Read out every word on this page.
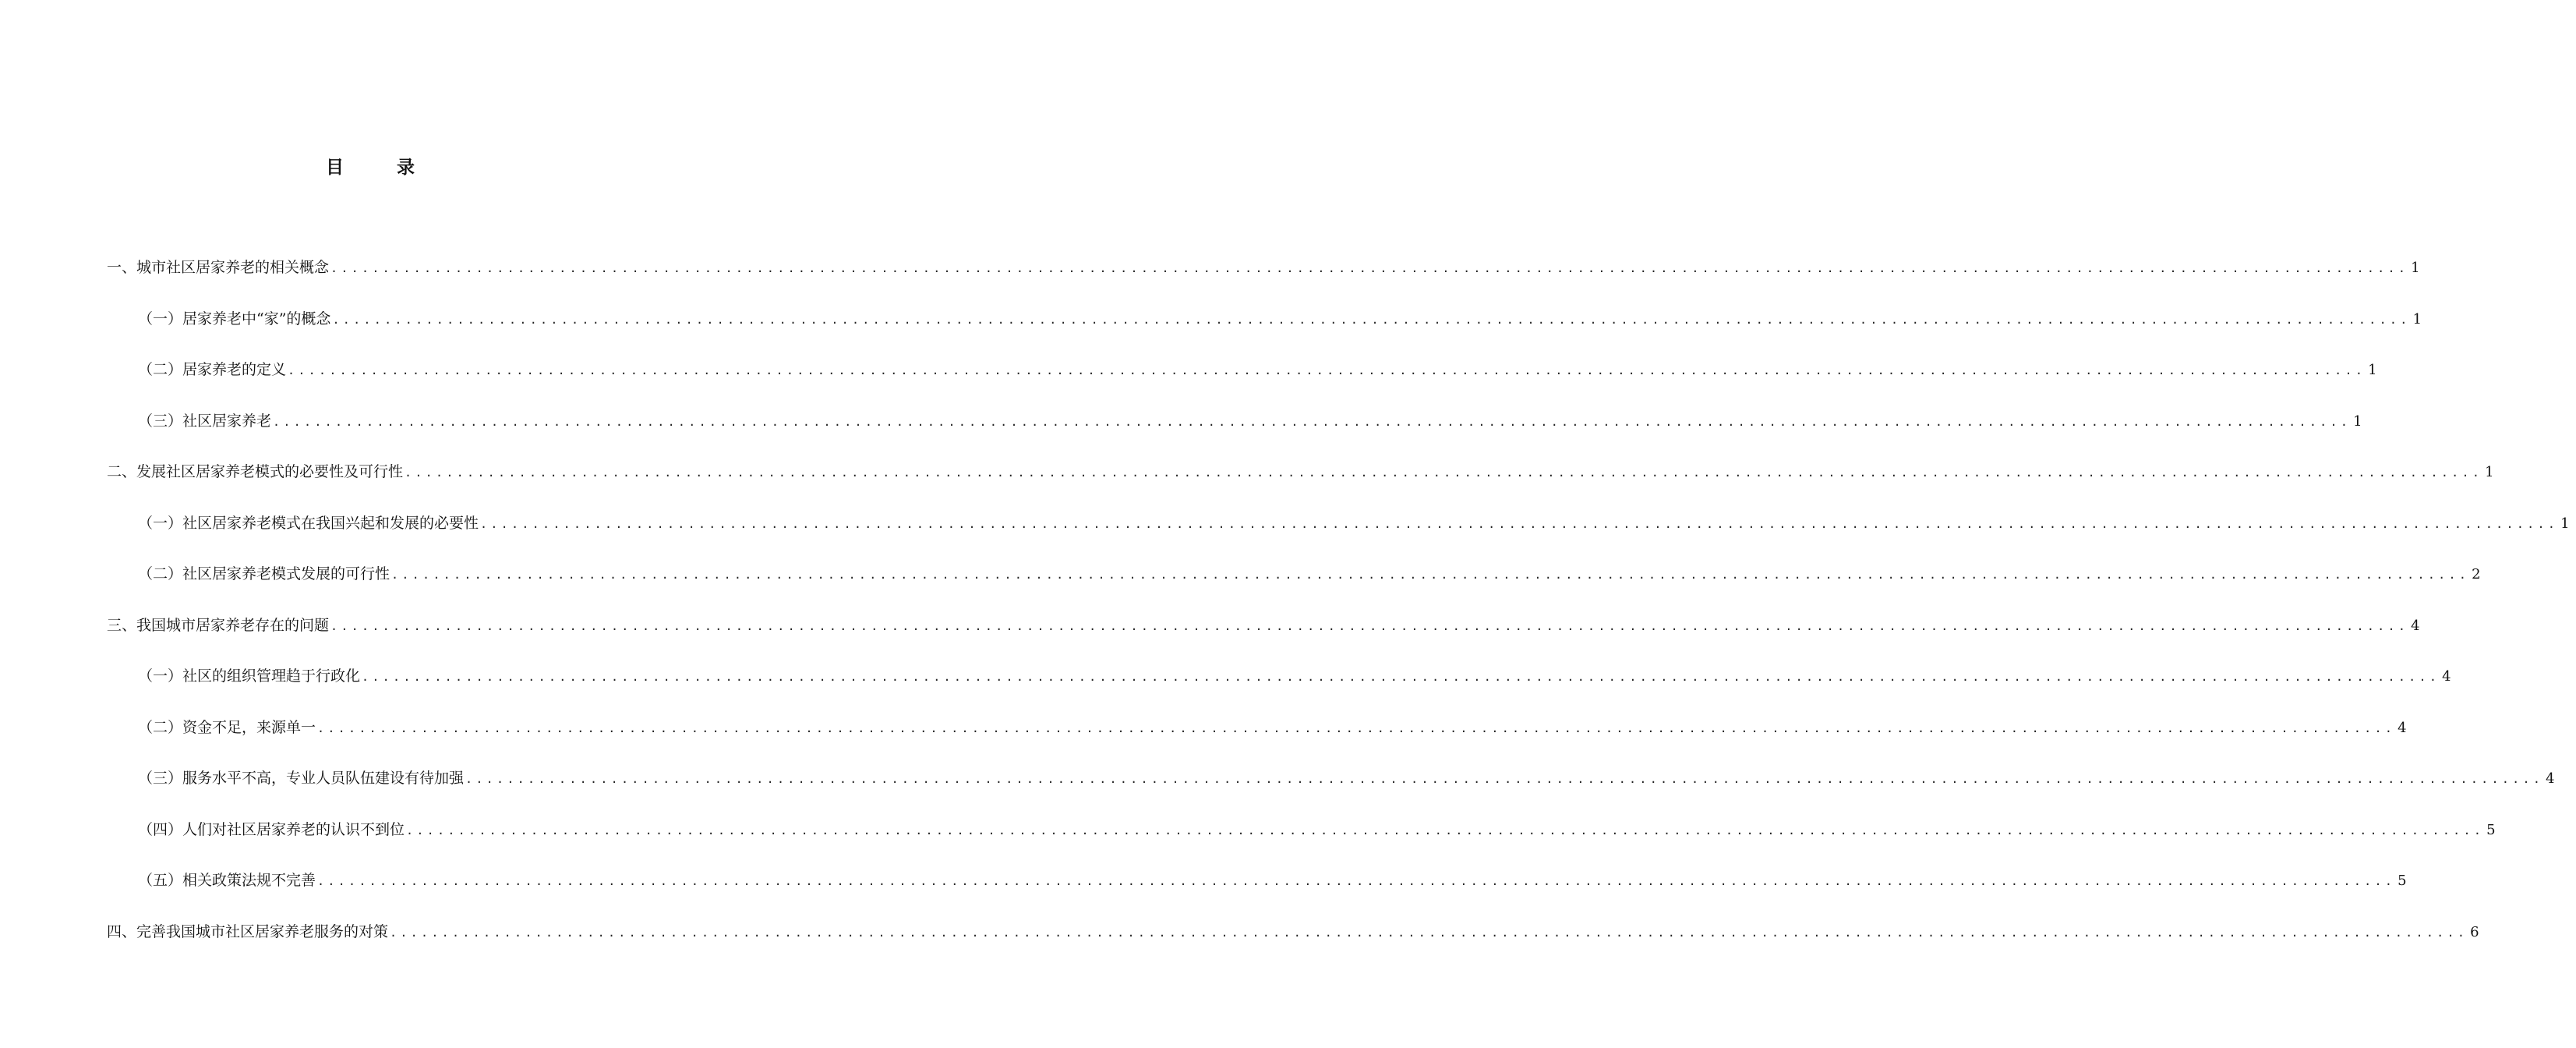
目 录
一、城市社区居家养老的相关概念 ........................................................................................................................................................................................................ 1
（一）居家养老中“家”的概念 ........................................................................................................................................................................................................ 1
（二）居家养老的定义 ........................................................................................................................................................................................................ 1
（三）社区居家养老 ........................................................................................................................................................................................................ 1
二、发展社区居家养老模式的必要性及可行性 ........................................................................................................................................................................................................ 1
（一）社区居家养老模式在我国兴起和发展的必要性 ........................................................................................................................................................................................................ 1
（二）社区居家养老模式发展的可行性 ........................................................................................................................................................................................................ 2
三、我国城市居家养老存在的问题 ........................................................................................................................................................................................................ 4
（一）社区的组织管理趋于行政化 ........................................................................................................................................................................................................ 4
（二）资金不足，来源单一 ........................................................................................................................................................................................................ 4
（三）服务水平不高，专业人员队伍建设有待加强 ........................................................................................................................................................................................................ 4
（四）人们对社区居家养老的认识不到位 ........................................................................................................................................................................................................ 5
（五）相关政策法规不完善 ........................................................................................................................................................................................................ 5
四、完善我国城市社区居家养老服务的对策 ........................................................................................................................................................................................................ 6
